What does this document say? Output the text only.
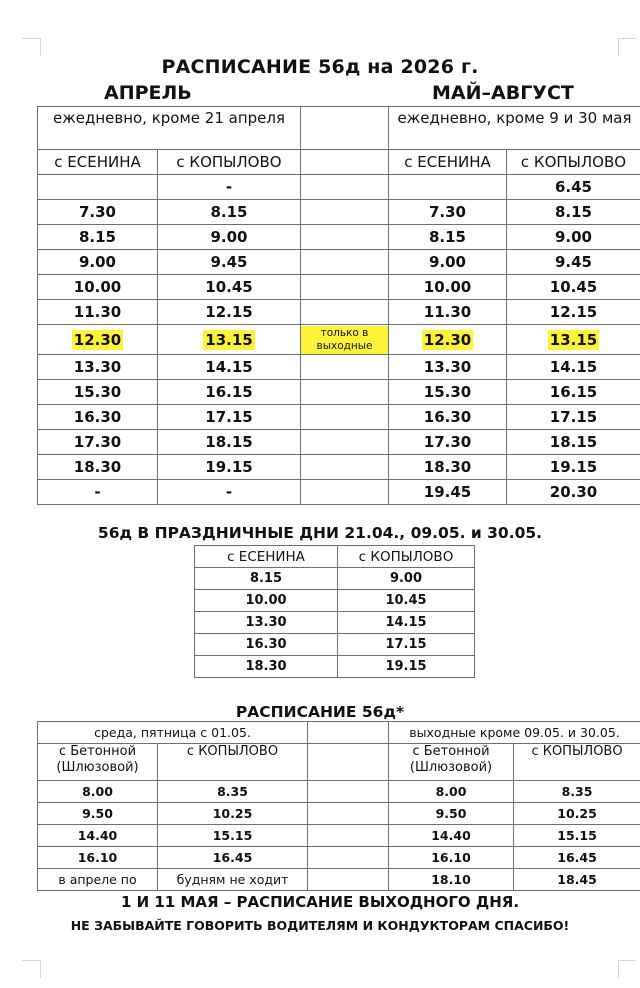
РАСПИСАНИЕ 56д на 2026 г.
АПРЕЛЬ	МАЙ–АВГУСТ
ежедневно, кроме 21 апреля			ежедневно, кроме 9 и 30 мая	
с ЕСЕНИНА	с КОПЫЛОВО		с ЕСЕНИНА	с КОПЫЛОВО
	-			6.45
7.30	8.15		7.30	8.15
8.15	9.00		8.15	9.00
9.00	9.45		9.00	9.45
10.00	10.45		10.00	10.45
11.30	12.15		11.30	12.15
12.30	13.15	только в выходные	12.30	13.15
13.30	14.15		13.30	14.15
15.30	16.15		15.30	16.15
16.30	17.15		16.30	17.15
17.30	18.15		17.30	18.15
18.30	19.15		18.30	19.15
-	-		19.45	20.30
56д В ПРАЗДНИЧНЫЕ ДНИ 21.04., 09.05. и 30.05.
с ЕСЕНИНА	с КОПЫЛОВО
8.15	9.00
10.00	10.45
13.30	14.15
16.30	17.15
18.30	19.15
РАСПИСАНИЕ 56д*
среда, пятница с 01.05.			выходные кроме 09.05. и 30.05.	
с Бетонной (Шлюзовой)	с КОПЫЛОВО		с Бетонной (Шлюзовой)	с КОПЫЛОВО
8.00	8.35		8.00	8.35
9.50	10.25		9.50	10.25
14.40	15.15		14.40	15.15
16.10	16.45		16.10	16.45
в апреле по	будням не ходит		18.10	18.45
1 И 11 МАЯ – РАСПИСАНИЕ ВЫХОДНОГО ДНЯ.
НЕ ЗАБЫВАЙТЕ ГОВОРИТЬ ВОДИТЕЛЯМ И КОНДУКТОРАМ СПАСИБО!
